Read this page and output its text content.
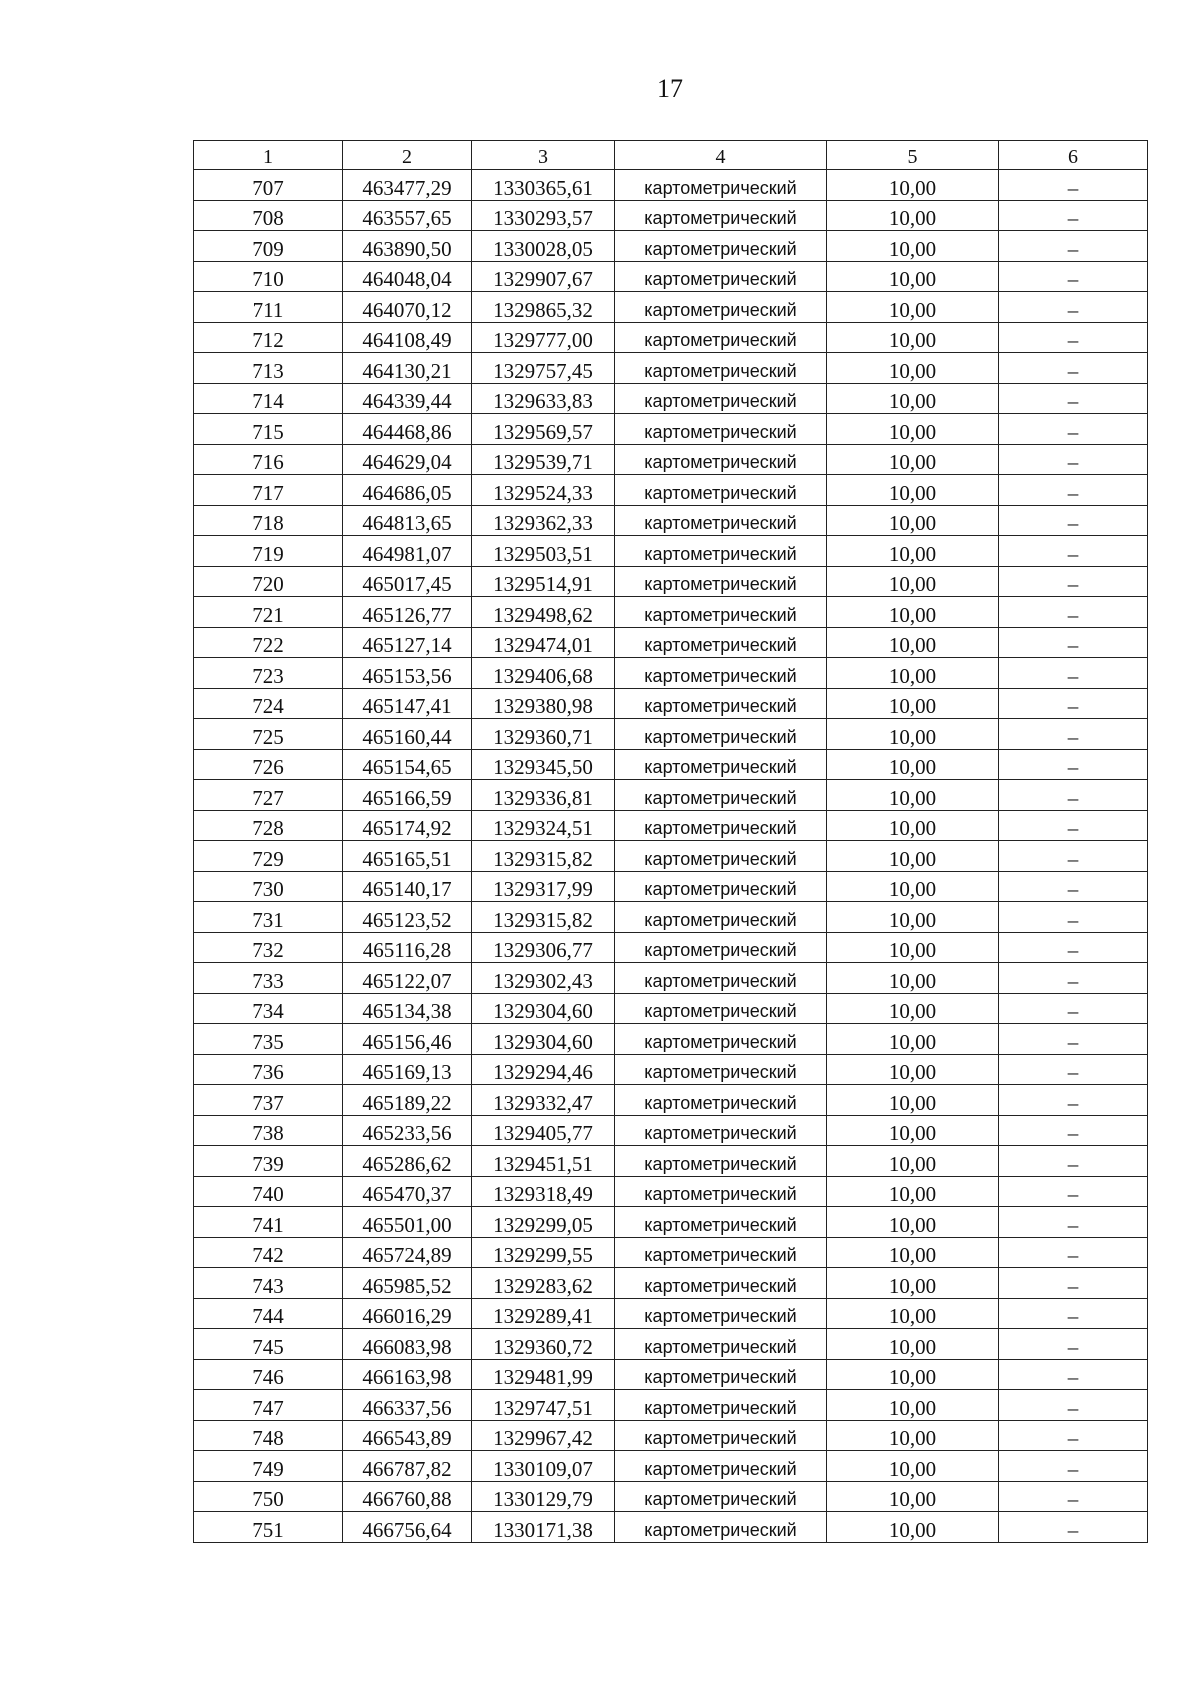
17
1	2	3	4	5	6
707	463477,29	1330365,61	картометрический	10,00	–
708	463557,65	1330293,57	картометрический	10,00	–
709	463890,50	1330028,05	картометрический	10,00	–
710	464048,04	1329907,67	картометрический	10,00	–
711	464070,12	1329865,32	картометрический	10,00	–
712	464108,49	1329777,00	картометрический	10,00	–
713	464130,21	1329757,45	картометрический	10,00	–
714	464339,44	1329633,83	картометрический	10,00	–
715	464468,86	1329569,57	картометрический	10,00	–
716	464629,04	1329539,71	картометрический	10,00	–
717	464686,05	1329524,33	картометрический	10,00	–
718	464813,65	1329362,33	картометрический	10,00	–
719	464981,07	1329503,51	картометрический	10,00	–
720	465017,45	1329514,91	картометрический	10,00	–
721	465126,77	1329498,62	картометрический	10,00	–
722	465127,14	1329474,01	картометрический	10,00	–
723	465153,56	1329406,68	картометрический	10,00	–
724	465147,41	1329380,98	картометрический	10,00	–
725	465160,44	1329360,71	картометрический	10,00	–
726	465154,65	1329345,50	картометрический	10,00	–
727	465166,59	1329336,81	картометрический	10,00	–
728	465174,92	1329324,51	картометрический	10,00	–
729	465165,51	1329315,82	картометрический	10,00	–
730	465140,17	1329317,99	картометрический	10,00	–
731	465123,52	1329315,82	картометрический	10,00	–
732	465116,28	1329306,77	картометрический	10,00	–
733	465122,07	1329302,43	картометрический	10,00	–
734	465134,38	1329304,60	картометрический	10,00	–
735	465156,46	1329304,60	картометрический	10,00	–
736	465169,13	1329294,46	картометрический	10,00	–
737	465189,22	1329332,47	картометрический	10,00	–
738	465233,56	1329405,77	картометрический	10,00	–
739	465286,62	1329451,51	картометрический	10,00	–
740	465470,37	1329318,49	картометрический	10,00	–
741	465501,00	1329299,05	картометрический	10,00	–
742	465724,89	1329299,55	картометрический	10,00	–
743	465985,52	1329283,62	картометрический	10,00	–
744	466016,29	1329289,41	картометрический	10,00	–
745	466083,98	1329360,72	картометрический	10,00	–
746	466163,98	1329481,99	картометрический	10,00	–
747	466337,56	1329747,51	картометрический	10,00	–
748	466543,89	1329967,42	картометрический	10,00	–
749	466787,82	1330109,07	картометрический	10,00	–
750	466760,88	1330129,79	картометрический	10,00	–
751	466756,64	1330171,38	картометрический	10,00	–
